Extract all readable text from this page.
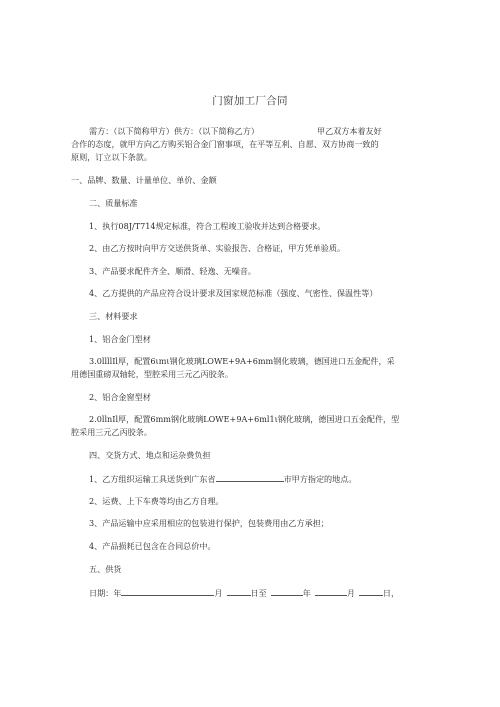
门窗加工厂合同
需方：（以下简称甲方）供方：（以下简称乙方）	甲乙双方本着友好
合作的态度，就甲方向乙方购买铝合金门窗事项，在平等互利、自愿、双方协商一致的
原则，订立以下条款。
一、品牌、数量、计量单位、单价、金额
二、质量标准
1、执行08J/T714规定标准，符合工程竣工验收并达到合格要求。
2、由乙方按时向甲方交送供货单、实验报告、合格证，甲方凭单验质。
3、产品要求配件齐全、顺滑、轻逸、无噪音。
4、乙方提供的产品应符合设计要求及国家规范标准（强度、气密性、保温性等）
三、材料要求
1、铝合金门型材
3.0llllIl厚，配置6ιmι钢化玻璃LOWE+9A+6mm钢化玻璃，德国进口五金配件，采
用德国重磅双轴轮，型腔采用三元乙丙胶条。
2、铝合金窗型材
2.0llnIl厚，配置6mm钢化玻璃LOWE+9A+6ml1ι钢化玻璃，德国进口五金配件，型
腔采用三元乙丙胶条。
四、交货方式、地点和运杂费负担
1、乙方组织运输工具送货到广东省	市甲方指定的地点。
2、运费、上下车费等均由乙方自理。
3、产品运输中应采用相应的包装进行保护，包装费用由乙方承担；
4、产品损耗已包含在合同总价中。
五、供货
日期：年	月	日至	年	月	日，
